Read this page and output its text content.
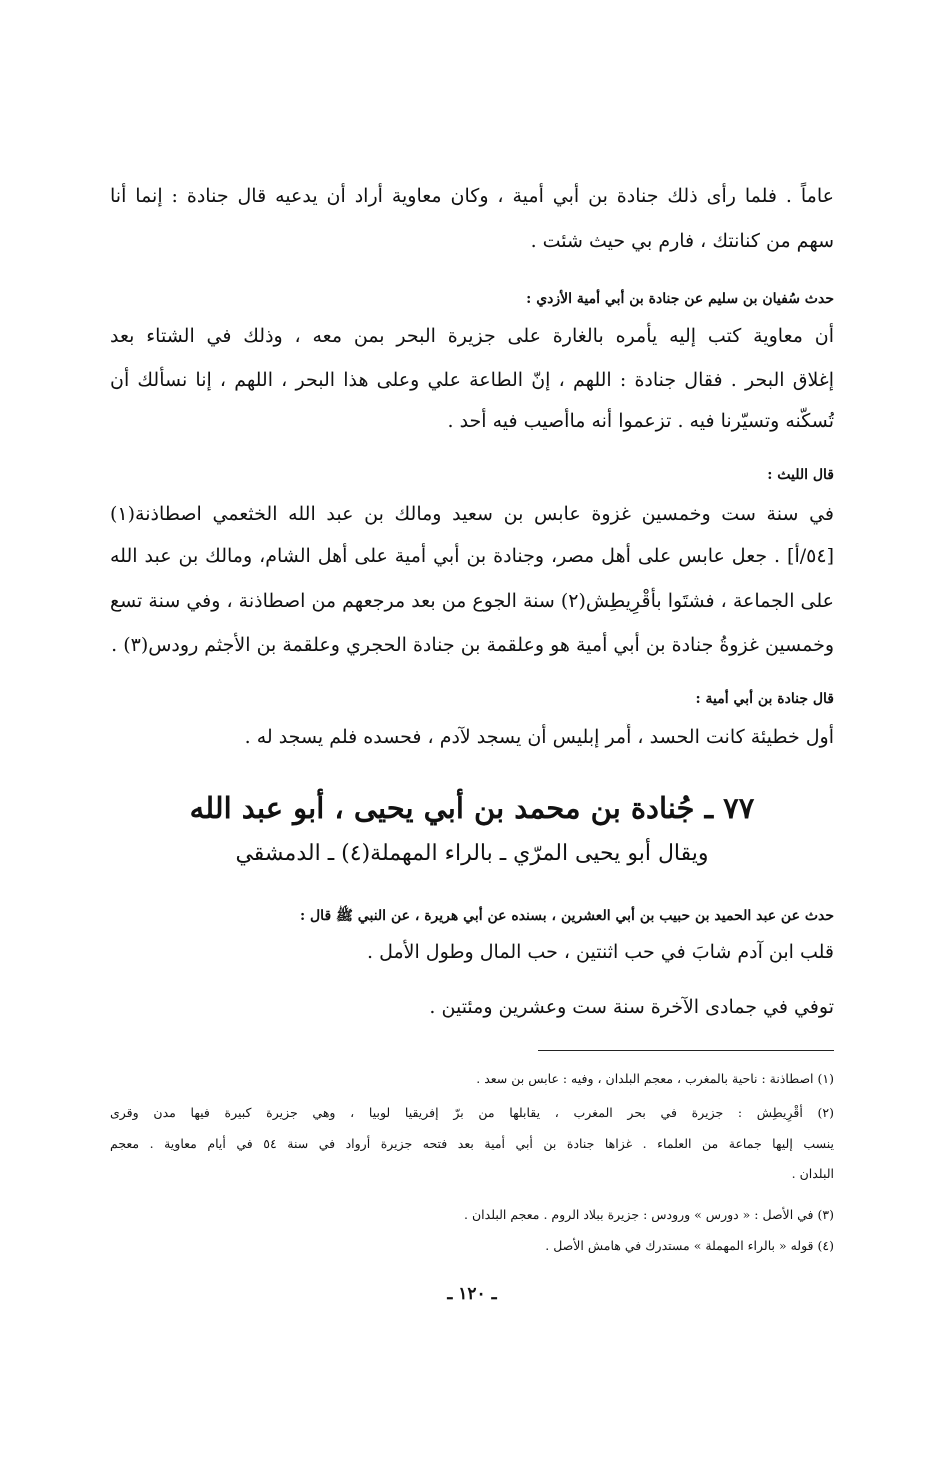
عاماً . فلما رأى ذلك جنادة بن أبي أمية ، وكان معاوية أراد أن يدعيه قال جنادة : إنما أنا
سهم من كنانتك ، فارم بي حيث شئت .
حدث سُفيان بن سليم عن جنادة بن أبي أمية الأزدي :
أن معاوية كتب إليه يأمره بالغارة على جزيرة البحر بمن معه ، وذلك في الشتاء بعد
إغلاق البحر . فقال جنادة : اللهم ، إنّ الطاعة علي وعلى هذا البحر ، اللهم ، إنا نسألك أن
تُسكّنه وتسيّرنا فيه . تزعموا أنه ماأصيب فيه أحد .
قال الليث :
في سنة ست وخمسين غزوة عابس بن سعيد ومالك بن عبد الله الخثعمي اصطاذنة(١)
[٥٤/أ] . جعل عابس على أهل مصر، وجنادة بن أبي أمية على أهل الشام، ومالك بن عبد الله
على الجماعة ، فشتَوا بأقْرِيطِش(٢) سنة الجوع من بعد مرجعهم من اصطاذنة ، وفي سنة تسع
وخمسين غزوةُ جنادة بن أبي أمية هو وعلقمة بن جنادة الحجري وعلقمة بن الأجثم رودس(٣) .
قال جنادة بن أبي أمية :
أول خطيئة كانت الحسد ، أُمر إبليس أن يسجد لآدم ، فحسده فلم يسجد له .
٧٧ ـ جُنادة بن محمد بن أبي يحيى ، أبو عبد الله
ويقال أبو يحيى المرّي ـ بالراء المهملة(٤) ـ الدمشقي
حدث عن عبد الحميد بن حبيب بن أبي العشرين ، بسنده عن أبي هريرة ، عن النبي ﷺ قال :
قلب ابن آدم شابَ في حب اثنتين ، حب المال وطول الأمل .
توفي في جمادى الآخرة سنة ست وعشرين ومئتين .
(١) اصطاذنة : ناحية بالمغرب ، معجم البلدان ، وفيه : عابس بن سعد .
(٢) أقْرِيطِش : جزيرة في بحر المغرب ، يقابلها من برّ إفريقيا لوبيا ، وهي جزيرة كبيرة فيها مدن وقرى
ينسب إليها جماعة من العلماء . غزاها جنادة بن أبي أمية بعد فتحه جزيرة أرواد في سنة ٥٤ في أيام معاوية . معجم
البلدان .
(٣) في الأصل : « دورس » ورودس : جزيرة ببلاد الروم . معجم البلدان .
(٤) قوله « بالراء المهملة » مستدرك في هامش الأصل .
ـ ١٢٠ ـ
